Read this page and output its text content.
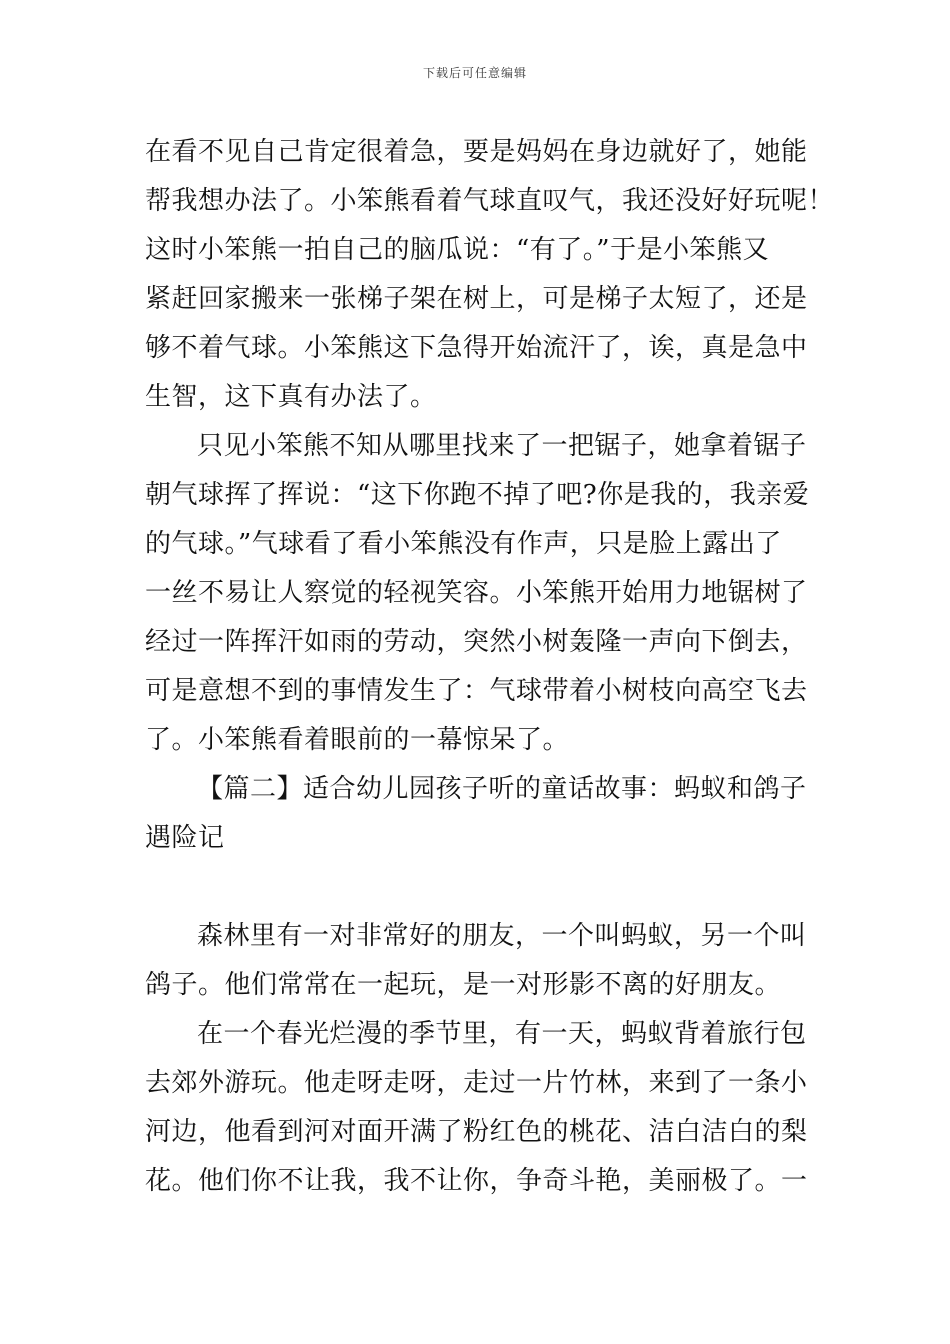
下载后可任意编辑
在看不见自己肯定很着急，要是妈妈在身边就好了，她能
帮我想办法了。小笨熊看着气球直叹气，我还没好好玩呢！
这时小笨熊一拍自己的脑瓜说：“有了。”于是小笨熊又
紧赶回家搬来一张梯子架在树上，可是梯子太短了，还是
够不着气球。小笨熊这下急得开始流汗了，诶，真是急中
生智，这下真有办法了。
只见小笨熊不知从哪里找来了一把锯子，她拿着锯子
朝气球挥了挥说：“这下你跑不掉了吧?你是我的，我亲爱
的气球。”气球看了看小笨熊没有作声，只是脸上露出了
一丝不易让人察觉的轻视笑容。小笨熊开始用力地锯树了
经过一阵挥汗如雨的劳动，突然小树轰隆一声向下倒去，
可是意想不到的事情发生了：气球带着小树枝向高空飞去
了。小笨熊看着眼前的一幕惊呆了。
【篇二】适合幼儿园孩子听的童话故事：蚂蚁和鸽子
遇险记
森林里有一对非常好的朋友，一个叫蚂蚁，另一个叫
鸽子。他们常常在一起玩，是一对形影不离的好朋友。
在一个春光烂漫的季节里，有一天，蚂蚁背着旅行包
去郊外游玩。他走呀走呀，走过一片竹林，来到了一条小
河边，他看到河对面开满了粉红色的桃花、洁白洁白的梨
花。他们你不让我，我不让你，争奇斗艳，美丽极了。一
